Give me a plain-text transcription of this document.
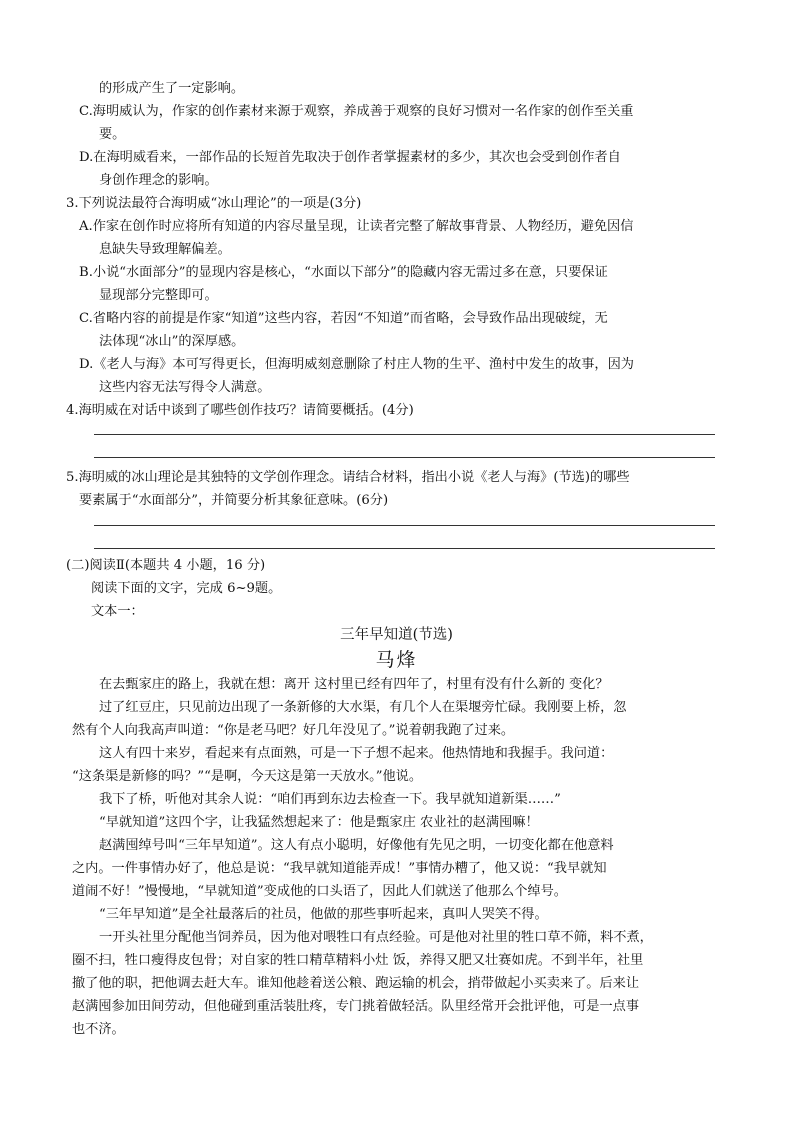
的形成产生了一定影响。
C.海明威认为，作家的创作素材来源于观察，养成善于观察的良好习惯对一名作家的创作至关重
要。
D.在海明威看来，一部作品的长短首先取决于创作者掌握素材的多少，其次也会受到创作者自
身创作理念的影响。
3.下列说法最符合海明威“冰山理论”的一项是(3分)
A.作家在创作时应将所有知道的内容尽量呈现，让读者完整了解故事背景、人物经历，避免因信
息缺失导致理解偏差。
B.小说“水面部分”的显现内容是核心，“水面以下部分”的隐藏内容无需过多在意，只要保证
显现部分完整即可。
C.省略内容的前提是作家“知道”这些内容，若因“不知道”而省略，会导致作品出现破绽，无
法体现“冰山”的深厚感。
D.《老人与海》本可写得更长，但海明威刻意删除了村庄人物的生平、渔村中发生的故事，因为
这些内容无法写得令人满意。
4.海明威在对话中谈到了哪些创作技巧？请简要概括。(4分)
5.海明威的冰山理论是其独特的文学创作理念。请结合材料，指出小说《老人与海》(节选)的哪些
要素属于“水面部分”，并简要分析其象征意味。(6分)
(二)阅读Ⅱ(本题共 4 小题，16 分)
阅读下面的文字，完成 6~9题。
文本一：
三年早知道(节选)
马烽
在去甄家庄的路上，我就在想：离开 这村里已经有四年了，村里有没有什么新的 变化？
过了红豆庄，只见前边出现了一条新修的大水渠，有几个人在渠堰旁忙碌。我刚要上桥，忽
然有个人向我高声叫道：“你是老马吧？好几年没见了。”说着朝我跑了过来。
这人有四十来岁，看起来有点面熟，可是一下子想不起来。他热情地和我握手。我问道：
“这条渠是新修的吗？”“是啊，今天这是第一天放水。”他说。
我下了桥，听他对其余人说：“咱们再到东边去检查一下。我早就知道新渠……”
“早就知道”这四个字，让我猛然想起来了：他是甄家庄 农业社的赵满囤嘛！
赵满囤绰号叫“三年早知道”。这人有点小聪明，好像他有先见之明，一切变化都在他意料
之内。一件事情办好了，他总是说：“我早就知道能弄成！”事情办糟了，他又说：“我早就知
道闹不好！”慢慢地，“早就知道”变成他的口头语了，因此人们就送了他那么个绰号。
“三年早知道”是全社最落后的社员，他做的那些事听起来，真叫人哭笑不得。
一开头社里分配他当饲养员，因为他对喂牲口有点经验。可是他对社里的牲口草不筛，料不煮，
圈不扫，牲口瘦得皮包骨；对自家的牲口精草精料小灶 饭，养得又肥又壮赛如虎。不到半年，社里
撤了他的职，把他调去赶大车。谁知他趁着送公粮、跑运输的机会，捎带做起小买卖来了。后来让
赵满囤参加田间劳动，但他碰到重活装肚疼，专门挑着做轻活。队里经常开会批评他，可是一点事
也不济。
